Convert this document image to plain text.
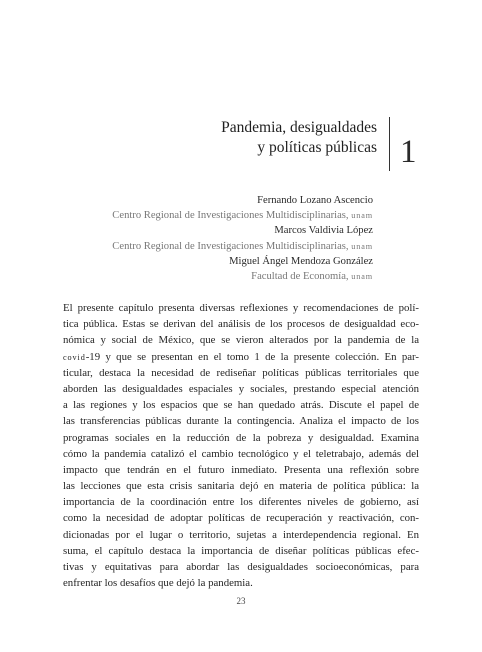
Pandemia, desigualdades
y políticas públicas 1
Fernando Lozano Ascencio
Centro Regional de Investigaciones Multidisciplinarias, unam
Marcos Valdivia López
Centro Regional de Investigaciones Multidisciplinarias, unam
Miguel Ángel Mendoza González
Facultad de Economía, unam
El presente capítulo presenta diversas reflexiones y recomendaciones de polí-
tica pública. Estas se derivan del análisis de los procesos de desigualdad eco-
nómica y social de México, que se vieron alterados por la pandemia de la
covid-19 y que se presentan en el tomo 1 de la presente colección. En par-
ticular, destaca la necesidad de rediseñar políticas públicas territoriales que
aborden las desigualdades espaciales y sociales, prestando especial atención
a las regiones y los espacios que se han quedado atrás. Discute el papel de
las transferencias públicas durante la contingencia. Analiza el impacto de los
programas sociales en la reducción de la pobreza y desigualdad. Examina
cómo la pandemia catalizó el cambio tecnológico y el teletrabajo, además del
impacto que tendrán en el futuro inmediato. Presenta una reflexión sobre
las lecciones que esta crisis sanitaria dejó en materia de política pública: la
importancia de la coordinación entre los diferentes niveles de gobierno, así
como la necesidad de adoptar políticas de recuperación y reactivación, con-
dicionadas por el lugar o territorio, sujetas a interdependencia regional. En
suma, el capítulo destaca la importancia de diseñar políticas públicas efec-
tivas y equitativas para abordar las desigualdades socioeconómicas, para
enfrentar los desafíos que dejó la pandemia.
23
